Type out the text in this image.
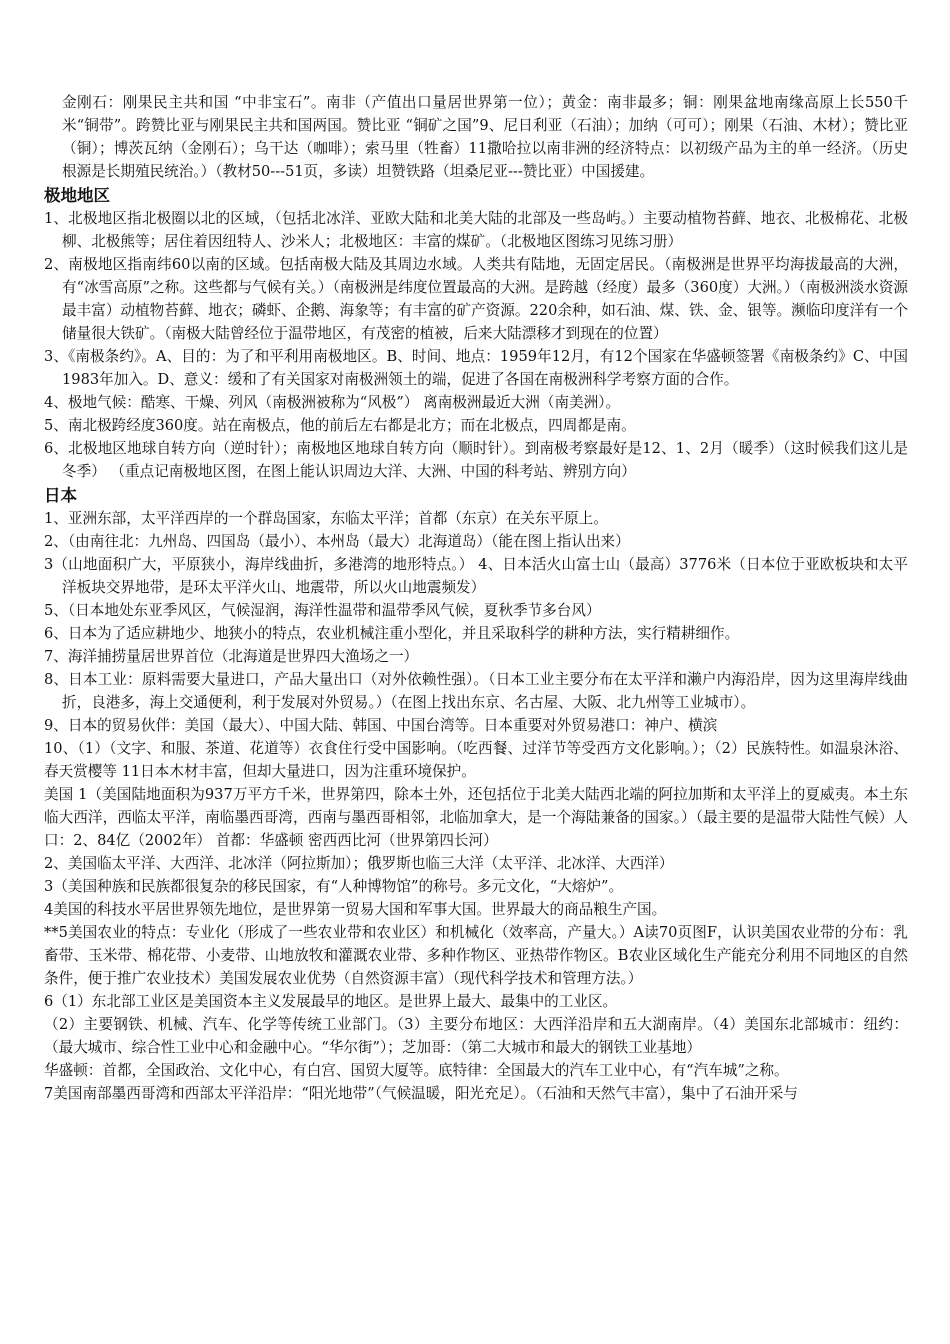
金刚石：刚果民主共和国 “中非宝石”。南非（产值出口量居世界第一位）；黄金：南非最多；铜：刚果盆地南缘高原上长550千米“铜带”。跨赞比亚与刚果民主共和国两国。赞比亚 “铜矿之国”9、尼日利亚（石油）；加纳（可可）；刚果（石油、木材）；赞比亚（铜）；博茨瓦纳（金刚石）；乌干达（咖啡）；索马里（牲畜）11撒哈拉以南非洲的经济特点：以初级产品为主的单一经济。（历史根源是长期殖民统治。）（教材50---51页，多读）坦赞铁路（坦桑尼亚---赞比亚）中国援建。

极地地区

1、北极地区指北极圈以北的区域，（包括北冰洋、亚欧大陆和北美大陆的北部及一些岛屿。）主要动植物苔藓、地衣、北极棉花、北极柳、北极熊等；居住着因纽特人、沙米人；北极地区：丰富的煤矿。（北极地区图练习见练习册）

2、南极地区指南纬60以南的区域。包括南极大陆及其周边水域。人类共有陆地，无固定居民。（南极洲是世界平均海拔最高的大洲，有“冰雪高原”之称。这些都与气候有关。）（南极洲是纬度位置最高的大洲。是跨越（经度）最多（360度）大洲。）（南极洲淡水资源最丰富）动植物苔藓、地衣；磷虾、企鹅、海象等；有丰富的矿产资源。220余种，如石油、煤、铁、金、银等。濒临印度洋有一个储量很大铁矿。（南极大陆曾经位于温带地区，有茂密的植被，后来大陆漂移才到现在的位置）

3、《南极条约》。A、目的：为了和平利用南极地区。B、时间、地点：1959年12月，有12个国家在华盛顿签署《南极条约》C、中国1983年加入。D、意义：缓和了有关国家对南极洲领土的端，促进了各国在南极洲科学考察方面的合作。

4、极地气候：酷寒、干燥、列风（南极洲被称为“风极”） 离南极洲最近大洲（南美洲）。

5、南北极跨经度360度。站在南极点，他的前后左右都是北方；而在北极点，四周都是南。

6、北极地区地球自转方向（逆时针）；南极地区地球自转方向（顺时针）。到南极考察最好是12、1、2月（暖季）（这时候我们这儿是冬季） （重点记南极地区图，在图上能认识周边大洋、大洲、中国的科考站、辨别方向）

日本

1、亚洲东部，太平洋西岸的一个群岛国家，东临太平洋；首都（东京）在关东平原上。

2、（由南往北：九州岛、四国岛（最小）、本州岛（最大）北海道岛）（能在图上指认出来）

3（山地面积广大，平原狭小，海岸线曲折，多港湾的地形特点。） 4、日本活火山富士山（最高）3776米（日本位于亚欧板块和太平洋板块交界地带，是环太平洋火山、地震带，所以火山地震频发）

5、（日本地处东亚季风区，气候湿润，海洋性温带和温带季风气候，夏秋季节多台风）

6、日本为了适应耕地少、地狭小的特点，农业机械注重小型化，并且采取科学的耕种方法，实行精耕细作。

7、海洋捕捞量居世界首位（北海道是世界四大渔场之一）

8、日本工业：原料需要大量进口，产品大量出口（对外依赖性强）。（日本工业主要分布在太平洋和濑户内海沿岸，因为这里海岸线曲折，良港多，海上交通便利，利于发展对外贸易。）（在图上找出东京、名古屋、大阪、北九州等工业城市）。

9、日本的贸易伙伴：美国（最大）、中国大陆、韩国、中国台湾等。日本重要对外贸易港口：神户、横滨

10、（1）（文字、和服、茶道、花道等）衣食住行受中国影响。（吃西餐、过洋节等受西方文化影响。）；（2）民族特性。如温泉沐浴、春天赏樱等 11日本木材丰富，但却大量进口，因为注重环境保护。

美国 1（美国陆地面积为937万平方千米，世界第四，除本土外，还包括位于北美大陆西北端的阿拉加斯和太平洋上的夏威夷。本土东临大西洋，西临太平洋，南临墨西哥湾，西南与墨西哥相邻，北临加拿大，是一个海陆兼备的国家。）（最主要的是温带大陆性气候）人口：2、84亿（2002年） 首都：华盛顿 密西西比河（世界第四长河）

2、美国临太平洋、大西洋、北冰洋（阿拉斯加）；俄罗斯也临三大洋（太平洋、北冰洋、大西洋）

3（美国种族和民族都很复杂的移民国家，有“人种博物馆”的称号。多元文化，“大熔炉”。

4美国的科技水平居世界领先地位，是世界第一贸易大国和军事大国。世界最大的商品粮生产国。

**5美国农业的特点：专业化（形成了一些农业带和农业区）和机械化（效率高，产量大。）A读70页图F，认识美国农业带的分布：乳畜带、玉米带、棉花带、小麦带、山地放牧和灌溉农业带、多种作物区、亚热带作物区。B农业区域化生产能充分利用不同地区的自然条件，便于推广农业技术）美国发展农业优势（自然资源丰富）（现代科学技术和管理方法。）

6（1）东北部工业区是美国资本主义发展最早的地区。是世界上最大、最集中的工业区。

（2）主要钢铁、机械、汽车、化学等传统工业部门。（3）主要分布地区：大西洋沿岸和五大湖南岸。（4）美国东北部城市：纽约：（最大城市、综合性工业中心和金融中心。“华尔街”）；芝加哥：（第二大城市和最大的钢铁工业基地）

华盛顿：首都，全国政治、文化中心，有白宫、国贸大厦等。底特律：全国最大的汽车工业中心，有“汽车城”之称。

7美国南部墨西哥湾和西部太平洋沿岸：“阳光地带”（气候温暖，阳光充足）。（石油和天然气丰富），集中了石油开采与
